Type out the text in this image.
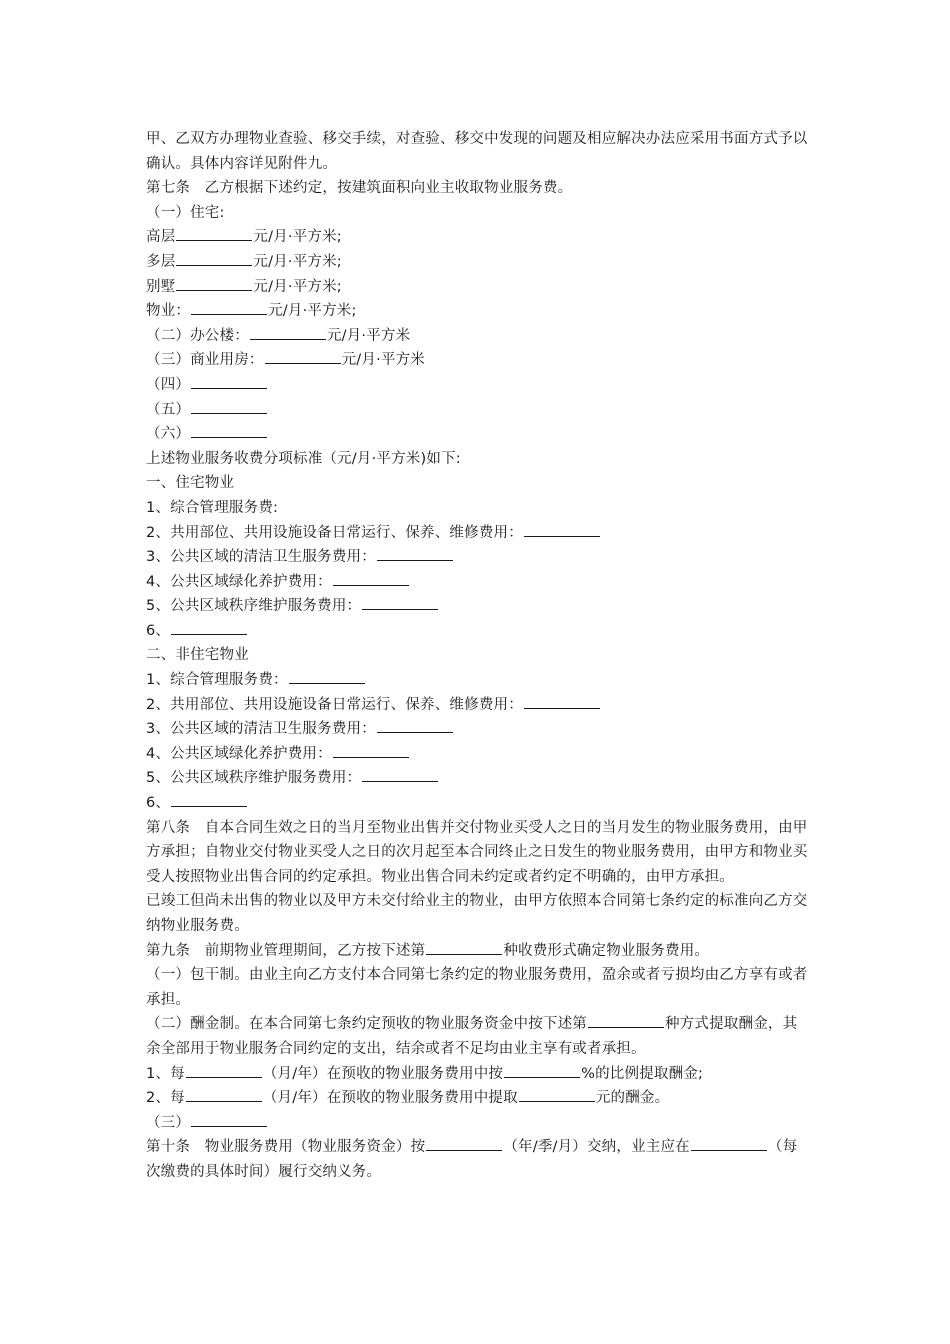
甲、乙双方办理物业查验、移交手续，对查验、移交中发现的问题及相应解决办法应采用书面方式予以确认。具体内容详见附件九。
第七条　乙方根据下述约定，按建筑面积向业主收取物业服务费。
（一）住宅:
高层	元/月·平方米;
多层	元/月·平方米;
别墅	元/月·平方米;
物业：	元/月·平方米;
（二）办公楼：	元/月·平方米
（三）商业用房：	元/月·平方米
（四）
（五）
（六）
上述物业服务收费分项标准（元/月·平方米)如下:
一、住宅物业
1、综合管理服务费:
2、共用部位、共用设施设备日常运行、保养、维修费用：
3、公共区域的清洁卫生服务费用：
4、公共区域绿化养护费用：
5、公共区域秩序维护服务费用：
6、
二、非住宅物业
1、综合管理服务费：
2、共用部位、共用设施设备日常运行、保养、维修费用：
3、公共区域的清洁卫生服务费用：
4、公共区域绿化养护费用：
5、公共区域秩序维护服务费用：
6、
第八条　自本合同生效之日的当月至物业出售并交付物业买受人之日的当月发生的物业服务费用，由甲方承担；自物业交付物业买受人之日的次月起至本合同终止之日发生的物业服务费用，由甲方和物业买受人按照物业出售合同的约定承担。物业出售合同未约定或者约定不明确的，由甲方承担。
已竣工但尚未出售的物业以及甲方未交付给业主的物业，由甲方依照本合同第七条约定的标准向乙方交纳物业服务费。
第九条　前期物业管理期间，乙方按下述第	种收费形式确定物业服务费用。
（一）包干制。由业主向乙方支付本合同第七条约定的物业服务费用，盈余或者亏损均由乙方享有或者承担。
（二）酬金制。在本合同第七条约定预收的物业服务资金中按下述第	种方式提取酬金，其余全部用于物业服务合同约定的支出，结余或者不足均由业主享有或者承担。
1、每	（月/年）在预收的物业服务费用中按	%的比例提取酬金;
2、每	（月/年）在预收的物业服务费用中提取	元的酬金。
（三）
第十条　物业服务费用（物业服务资金）按	（年/季/月）交纳，业主应在	（每次缴费的具体时间）履行交纳义务。
